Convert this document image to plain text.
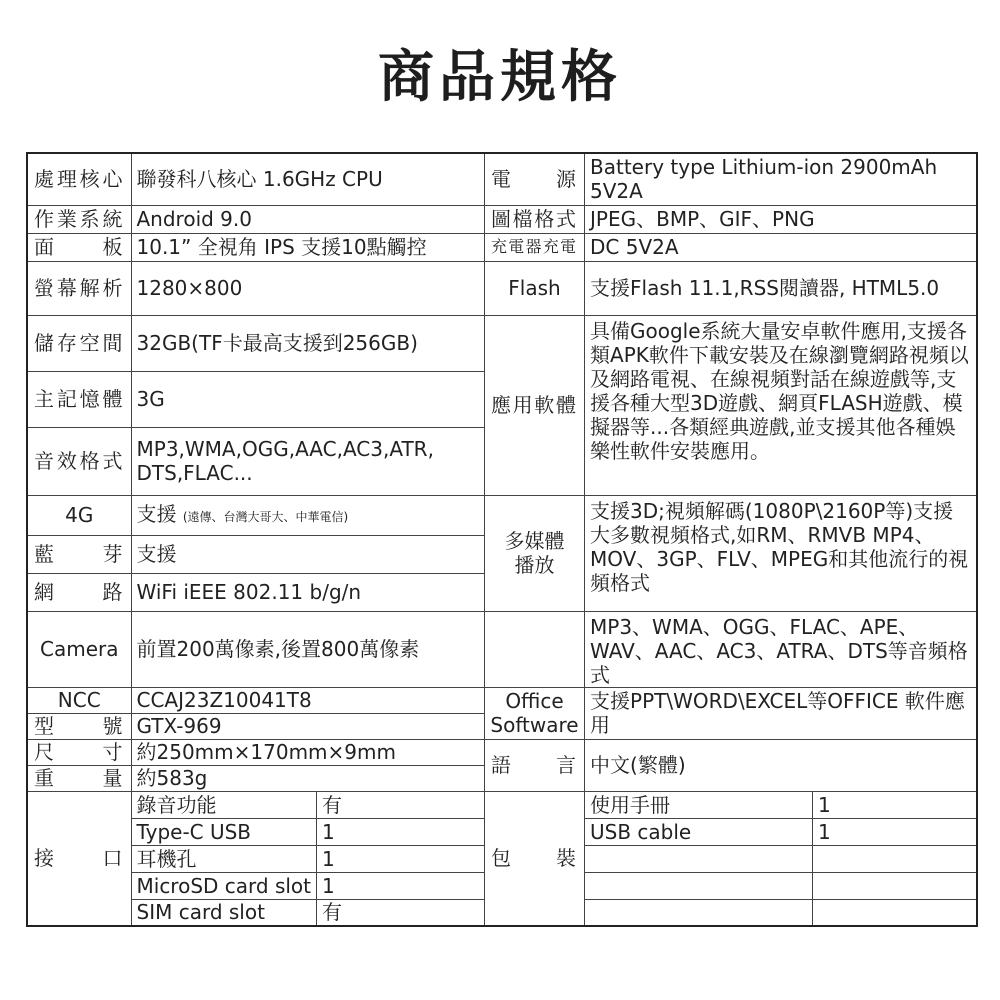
商品規格
處理核心	聯發科八核心 1.6GHz CPU		電源	Battery type Lithium-ion 2900mAh 5V2A	
作業系統	Android 9.0		圖檔格式	JPEG、BMP、GIF、PNG	
面板	10.1” 全視角 IPS 支援10點觸控		充電器充電	DC 5V2A	
螢幕解析	1280×800		Flash	支援Flash 11.1,RSS閱讀器, HTML5.0	
儲存空間	32GB(TF卡最高支援到256GB)		應用軟體	具備Google系統大量安卓軟件應用,支援各類APK軟件下載安裝及在線瀏覽網路視頻以及網路電視、在線視頻對話在線遊戲等,支援各種大型3D遊戲、網頁FLASH遊戲、模擬器等...各類經典遊戲,並支援其他各種娛樂性軟件安裝應用。	
主記憶體	3G				
音效格式	MP3,WMA,OGG,AAC,AC3,ATR, DTS,FLAC...				
4G	支援 (遠傳、台灣大哥大、中華電信)		多媒體播放	支援3D;視頻解碼(1080P\2160P等)支援大多數視頻格式,如RM、RMVB MP4、MOV、3GP、FLV、MPEG和其他流行的視頻格式	
藍芽	支援				
網路	WiFi iEEE 802.11 b/g/n				
Camera	前置200萬像素,後置800萬像素			MP3、WMA、OGG、FLAC、APE、WAV、AAC、AC3、ATRA、DTS等音頻格式	
NCC	CCAJ23Z10041T8		Office Software	支援PPT\WORD\EXCEL等OFFICE 軟件應用	
型號	GTX-969				
尺寸	約250mm×170mm×9mm		語言	中文(繁體)	
重量	約583g				
接口	錄音功能	有	包裝	使用手冊	1
	Type-C USB	1		USB cable	1
	耳機孔	1			
	MicroSD card slot	1			
	SIM card slot	有			
